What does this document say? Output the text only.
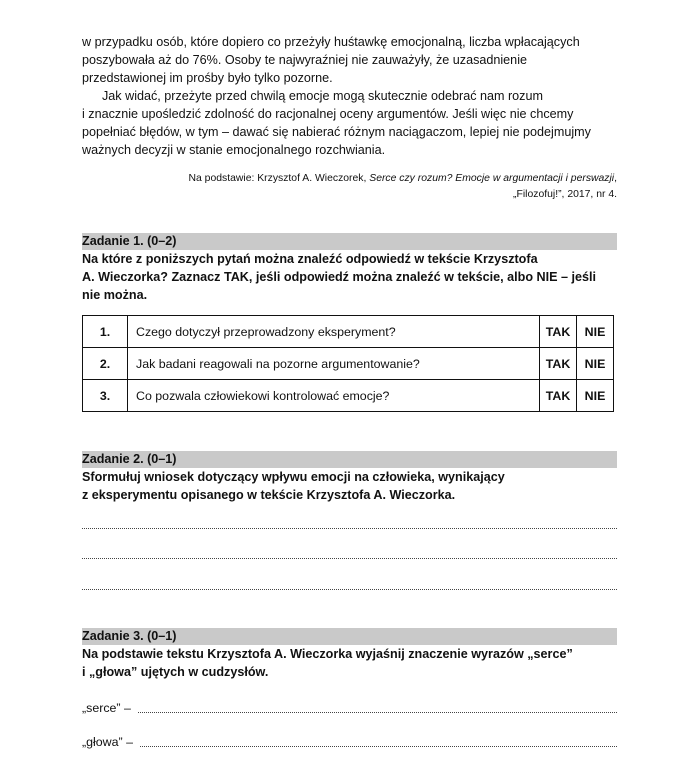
w przypadku osób, które dopiero co przeżyły huśtawkę emocjonalną, liczba wpłacających
poszybowała aż do 76%. Osoby te najwyraźniej nie zauważyły, że uzasadnienie
przedstawionej im prośby było tylko pozorne.

Jak widać, przeżyte przed chwilą emocje mogą skutecznie odebrać nam rozum
i znacznie upośledzić zdolność do racjonalnej oceny argumentów. Jeśli więc nie chcemy
popełniać błędów, w tym – dawać się nabierać różnym naciągaczom, lepiej nie podejmujmy
ważnych decyzji w stanie emocjonalnego rozchwiania.

Na podstawie: Krzysztof A. Wieczorek, Serce czy rozum? Emocje w argumentacji i perswazji,
„Filozofuj!”, 2017, nr 4.
Zadanie 1. (0–2)
Na które z poniższych pytań można znaleźć odpowiedź w tekście Krzysztofa
A. Wieczorka? Zaznacz TAK, jeśli odpowiedź można znaleźć w tekście, albo NIE – jeśli
nie można.
1.	Czego dotyczył przeprowadzony eksperyment?	TAK	NIE
2.	Jak badani reagowali na pozorne argumentowanie?	TAK	NIE
3.	Co pozwala człowiekowi kontrolować emocje?	TAK	NIE
Zadanie 2. (0–1)
Sformułuj wniosek dotyczący wpływu emocji na człowieka, wynikający
z eksperymentu opisanego w tekście Krzysztofa A. Wieczorka.
Zadanie 3. (0–1)
Na podstawie tekstu Krzysztofa A. Wieczorka wyjaśnij znaczenie wyrazów „serce”
i „głowa” ujętych w cudzysłów.
„serce” –
„głowa” –
